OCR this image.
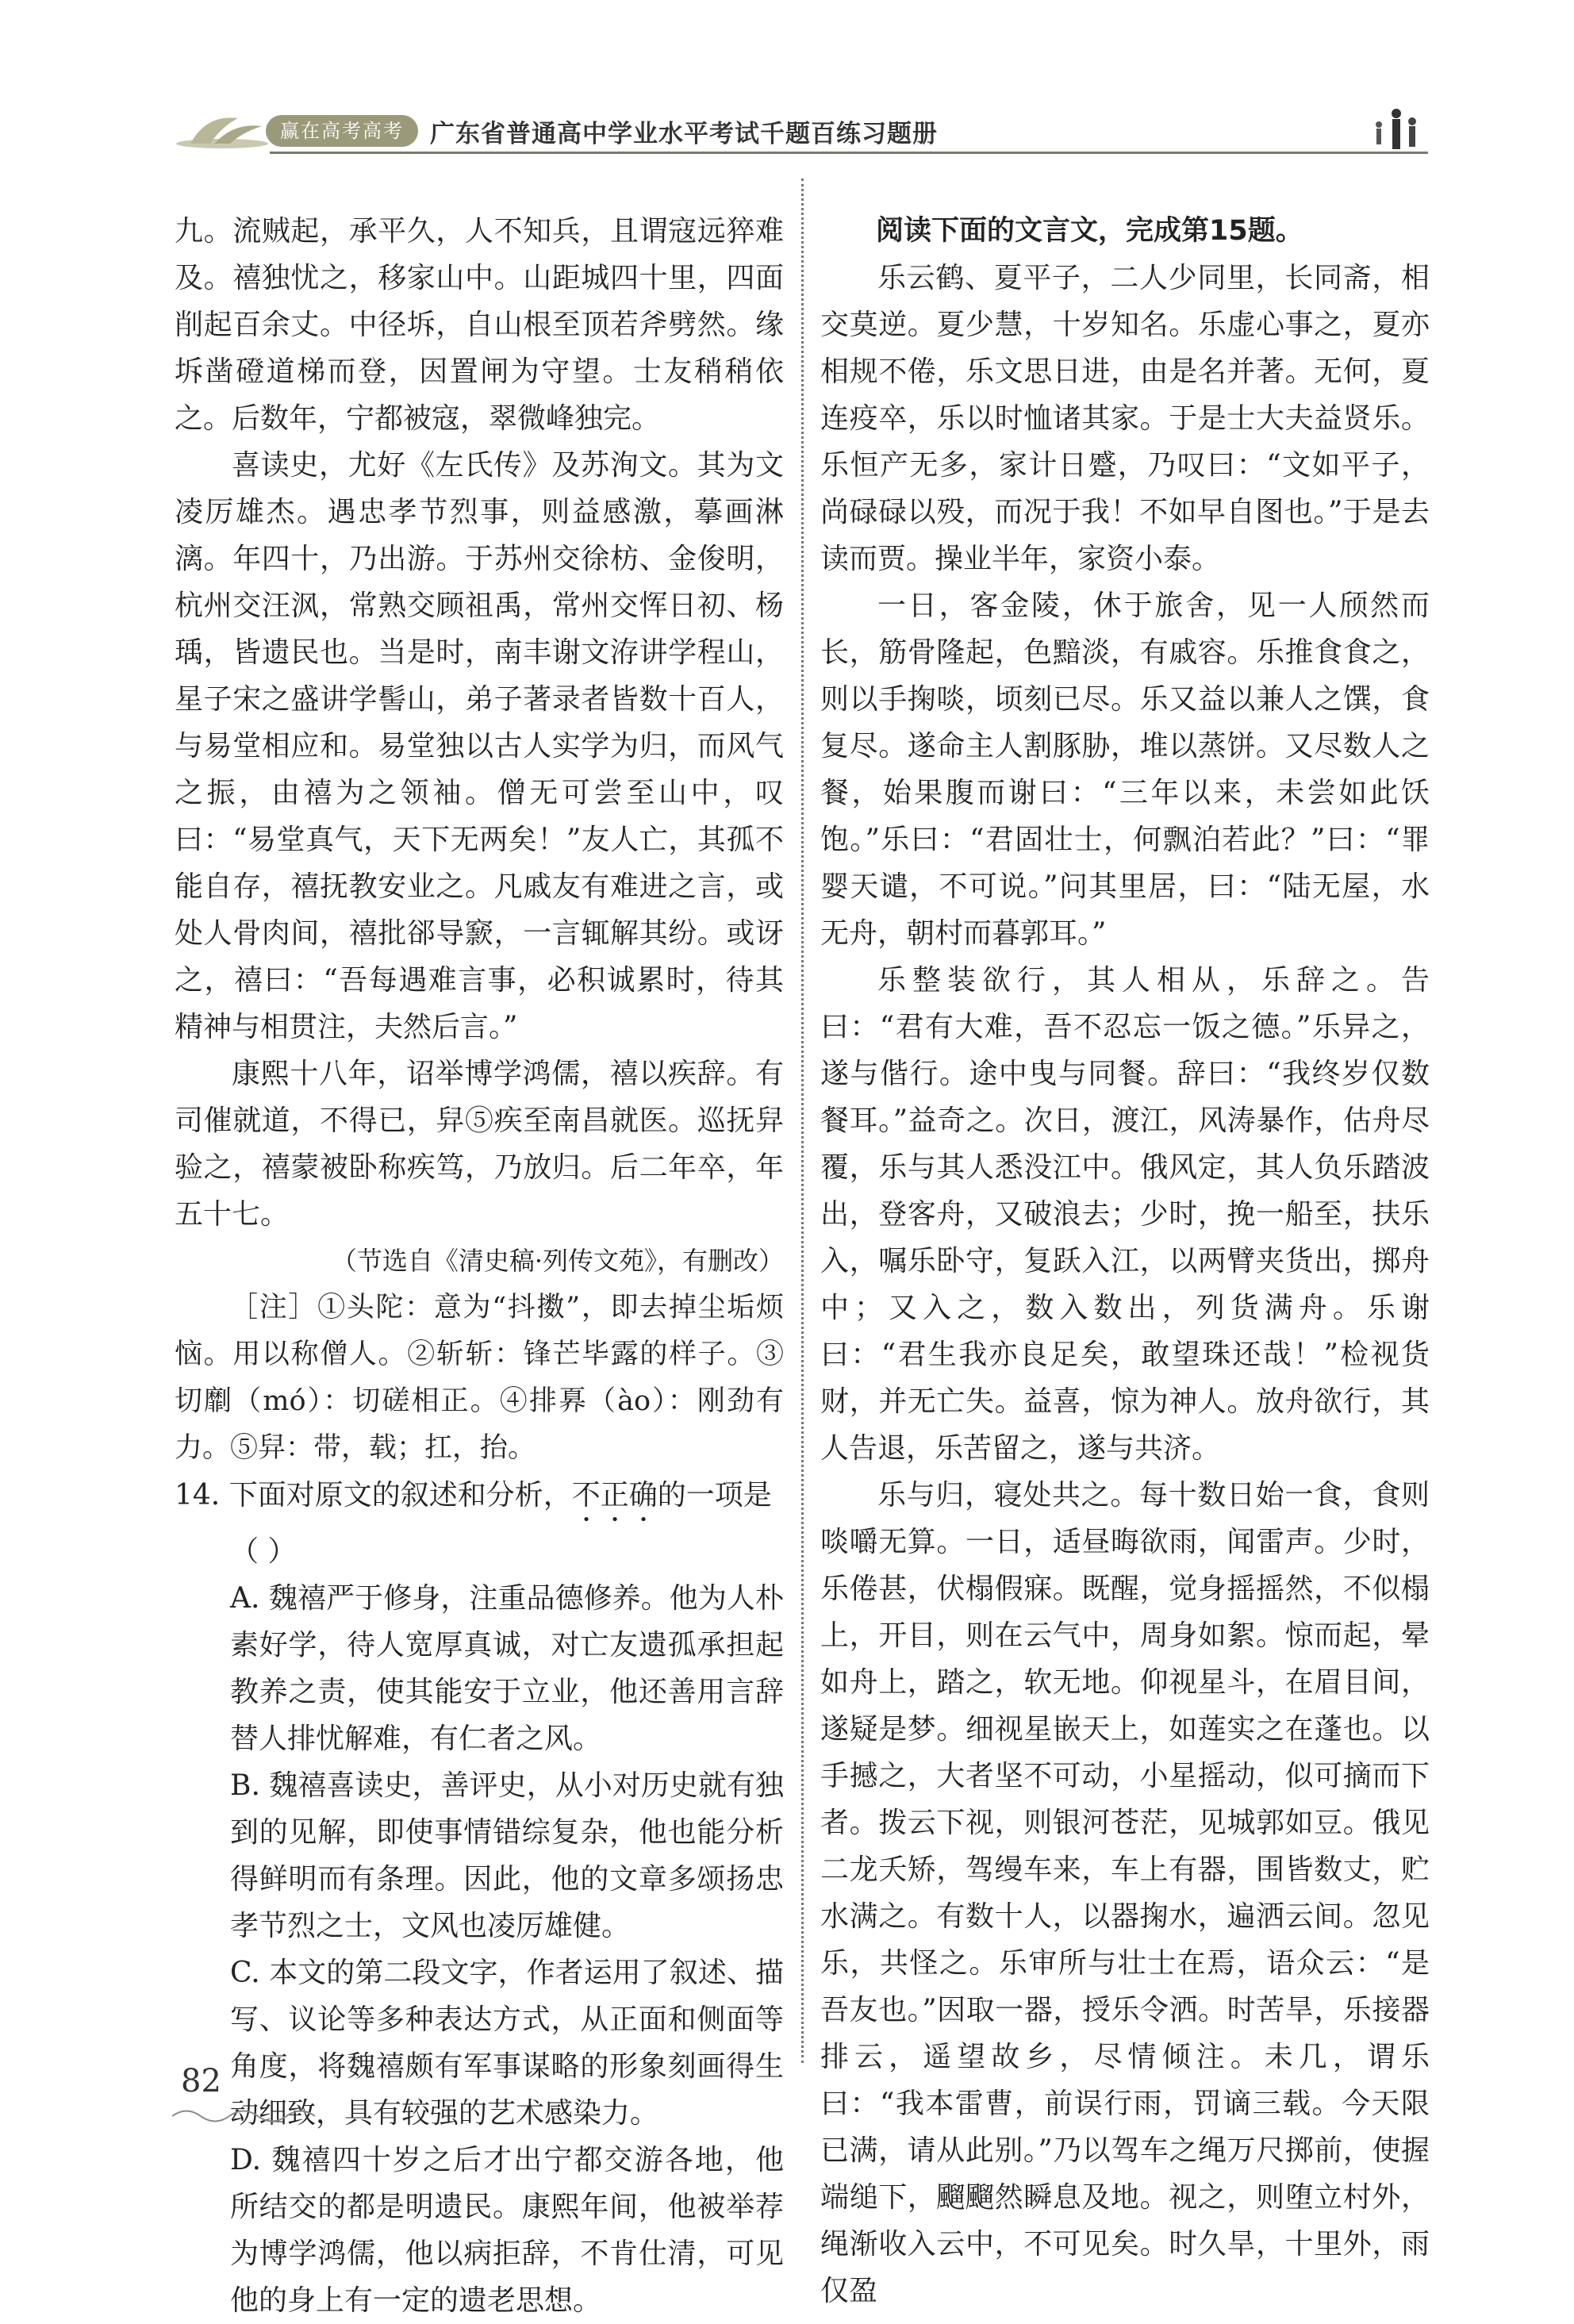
赢在高考高考	广东省普通高中学业水平考试千题百练习题册

九。流贼起，承平久，人不知兵，且谓寇远猝难及。禧独忧之，移家山中。山距城四十里，四面削起百余丈。中径坼，自山根至顶若斧劈然。缘坼凿磴道梯而登，因置闸为守望。士友稍稍依之。后数年，宁都被寇，翠微峰独完。

喜读史，尤好《左氏传》及苏洵文。其为文凌厉雄杰。遇忠孝节烈事，则益感激，摹画淋漓。年四十，乃出游。于苏州交徐枋、金俊明，杭州交汪沨，常熟交顾祖禹，常州交恽日初、杨瑀，皆遗民也。当是时，南丰谢文洊讲学程山，星子宋之盛讲学髻山，弟子著录者皆数十百人，与易堂相应和。易堂独以古人实学为归，而风气之振，由禧为之领袖。僧无可尝至山中，叹曰：“易堂真气，天下无两矣！”友人亡，其孤不能自存，禧抚教安业之。凡戚友有难进之言，或处人骨肉间，禧批郤导窾，一言辄解其纷。或讶之，禧曰：“吾每遇难言事，必积诚累时，待其精神与相贯注，夫然后言。”

康熙十八年，诏举博学鸿儒，禧以疾辞。有司催就道，不得已，舁⑤疾至南昌就医。巡抚舁验之，禧蒙被卧称疾笃，乃放归。后二年卒，年五十七。

（节选自《清史稿·列传文苑》，有删改）

［注］①头陀：意为“抖擞”，即去掉尘垢烦恼。用以称僧人。②斩斩：锋芒毕露的样子。③切劘（mó）：切磋相正。④排奡（ào）：刚劲有力。⑤舁：带，载；扛，抬。

14. 下面对原文的叙述和分析，不正确的一项是

（ ）

A. 魏禧严于修身，注重品德修养。他为人朴素好学，待人宽厚真诚，对亡友遗孤承担起教养之责，使其能安于立业，他还善用言辞替人排忧解难，有仁者之风。

B. 魏禧喜读史，善评史，从小对历史就有独到的见解，即使事情错综复杂，他也能分析得鲜明而有条理。因此，他的文章多颂扬忠孝节烈之士，文风也凌厉雄健。

C. 本文的第二段文字，作者运用了叙述、描写、议论等多种表达方式，从正面和侧面等角度，将魏禧颇有军事谋略的形象刻画得生动细致，具有较强的艺术感染力。

D. 魏禧四十岁之后才出宁都交游各地，他所结交的都是明遗民。康熙年间，他被举荐为博学鸿儒，他以病拒辞，不肯仕清，可见他的身上有一定的遗老思想。

阅读下面的文言文，完成第15题。

乐云鹤、夏平子，二人少同里，长同斋，相交莫逆。夏少慧，十岁知名。乐虚心事之，夏亦相规不倦，乐文思日进，由是名并著。无何，夏连疫卒，乐以时恤诸其家。于是士大夫益贤乐。乐恒产无多，家计日蹙，乃叹曰：“文如平子，尚碌碌以殁，而况于我！不如早自图也。”于是去读而贾。操业半年，家资小泰。

一日，客金陵，休于旅舍，见一人颀然而长，筋骨隆起，色黯淡，有戚容。乐推食食之，则以手掬啖，顷刻已尽。乐又益以兼人之馔，食复尽。遂命主人割豚胁，堆以蒸饼。又尽数人之餐，始果腹而谢曰：“三年以来，未尝如此饫饱。”乐曰：“君固壮士，何飘泊若此？”曰：“罪婴天谴，不可说。”问其里居，曰：“陆无屋，水无舟，朝村而暮郭耳。”

乐整装欲行，其人相从，乐辞之。告曰：“君有大难，吾不忍忘一饭之德。”乐异之，遂与偕行。途中曳与同餐。辞曰：“我终岁仅数餐耳。”益奇之。次日，渡江，风涛暴作，估舟尽覆，乐与其人悉没江中。俄风定，其人负乐踏波出，登客舟，又破浪去；少时，挽一船至，扶乐入，嘱乐卧守，复跃入江，以两臂夹货出，掷舟中；又入之，数入数出，列货满舟。乐谢曰：“君生我亦良足矣，敢望珠还哉！”检视货财，并无亡失。益喜，惊为神人。放舟欲行，其人告退，乐苦留之，遂与共济。

乐与归，寝处共之。每十数日始一食，食则啖嚼无算。一日，适昼晦欲雨，闻雷声。少时，乐倦甚，伏榻假寐。既醒，觉身摇摇然，不似榻上，开目，则在云气中，周身如絮。惊而起，晕如舟上，踏之，软无地。仰视星斗，在眉目间，遂疑是梦。细视星嵌天上，如莲实之在蓬也。以手撼之，大者坚不可动，小星摇动，似可摘而下者。拨云下视，则银河苍茫，见城郭如豆。俄见二龙夭矫，驾缦车来，车上有器，围皆数丈，贮水满之。有数十人，以器掬水，遍洒云间。忽见乐，共怪之。乐审所与壮士在焉，语众云：“是吾友也。”因取一器，授乐令洒。时苦旱，乐接器排云，遥望故乡，尽情倾注。未几，谓乐曰：“我本雷曹，前误行雨，罚谪三载。今天限已满，请从此别。”乃以驾车之绳万尺掷前，使握端缒下，飀飀然瞬息及地。视之，则堕立村外，绳渐收入云中，不可见矣。时久旱，十里外，雨仅盈

82
